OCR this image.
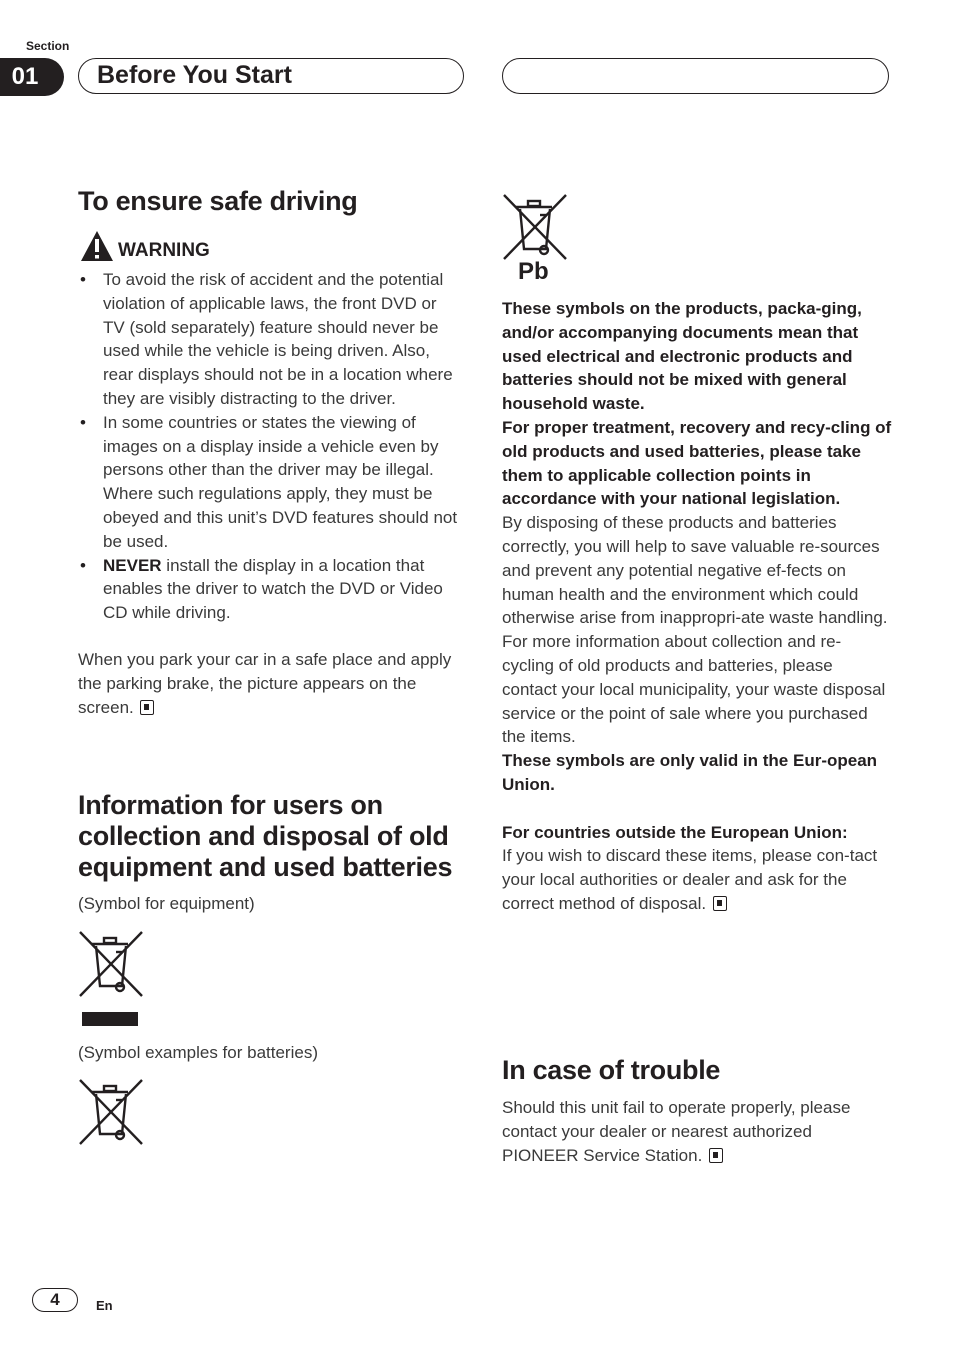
Section
01	Before You Start
To ensure safe driving
WARNING
• To avoid the risk of accident and the potential violation of applicable laws, the front DVD or TV (sold separately) feature should never be used while the vehicle is being driven. Also, rear displays should not be in a location where they are visibly distracting to the driver.
• In some countries or states the viewing of images on a display inside a vehicle even by persons other than the driver may be illegal. Where such regulations apply, they must be obeyed and this unit’s DVD features should not be used.
• NEVER install the display in a location that enables the driver to watch the DVD or Video CD while driving.
When you park your car in a safe place and apply the parking brake, the picture appears on the screen.
Information for users on collection and disposal of old equipment and used batteries
(Symbol for equipment)
(Symbol examples for batteries)
Pb
These symbols on the products, packa-ging, and/or accompanying documents mean that used electrical and electronic products and batteries should not be mixed with general household waste.
For proper treatment, recovery and recy-cling of old products and used batteries, please take them to applicable collection points in accordance with your national legislation.
By disposing of these products and batteries correctly, you will help to save valuable re-sources and prevent any potential negative ef-fects on human health and the environment which could otherwise arise from inappropri-ate waste handling.
For more information about collection and re-cycling of old products and batteries, please contact your local municipality, your waste disposal service or the point of sale where you purchased the items.
These symbols are only valid in the Eur-opean Union.
For countries outside the European Union:
If you wish to discard these items, please con-tact your local authorities or dealer and ask for the correct method of disposal.
In case of trouble
Should this unit fail to operate properly, please contact your dealer or nearest authorized PIONEER Service Station.
4	En
